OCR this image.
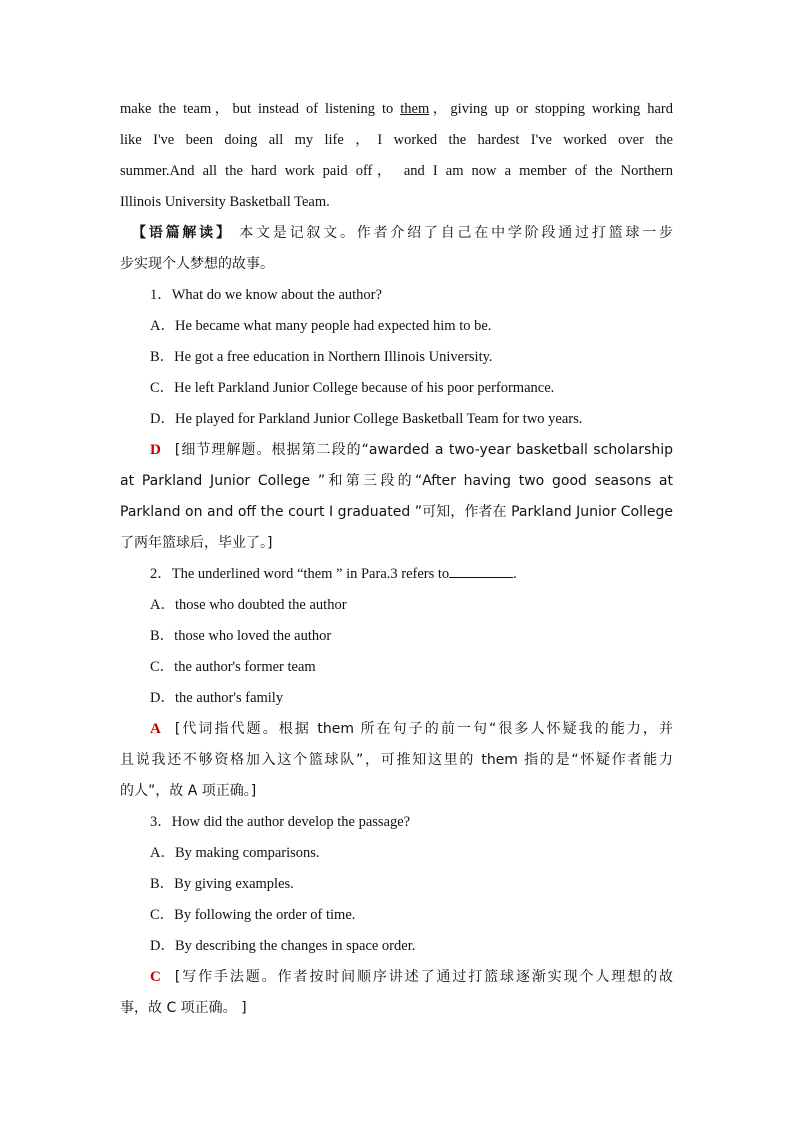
make the team，but instead of listening to them，giving up or stopping working hard
like I've been doing all my life ，I worked the hardest I've worked over the
summer.And all the hard work paid off， and I am now a member of the Northern
Illinois University Basketball Team.
【语篇解读】 本文是记叙文。作者介绍了自己在中学阶段通过打篮球一步
步实现个人梦想的故事。
1．What do we know about the author?
A．He became what many people had expected him to be.
B．He got a free education in Northern Illinois University.
C．He left Parkland Junior College because of his poor performance.
D．He played for Parkland Junior College Basketball Team for two years.
D [细节理解题。根据第二段的“awarded a two-year basketball scholarship
at Parkland Junior College ”和第三段的“After having two good seasons at
Parkland on and off the court I graduated ”可知，作者在 Parkland Junior College
了两年篮球后，毕业了。]
2．The underlined word “them ” in Para.3 refers to	.
A．those who doubted the author
B．those who loved the author
C．the author's former team
D．the author's family
A [代词指代题。根据 them 所在句子的前一句“很多人怀疑我的能力，并
且说我还不够资格加入这个篮球队”，可推知这里的 them 指的是“怀疑作者能力
的人”，故 A 项正确。]
3．How did the author develop the passage?
A．By making comparisons.
B．By giving examples.
C．By following the order of time.
D．By describing the changes in space order.
C [写作手法题。作者按时间顺序讲述了通过打篮球逐渐实现个人理想的故
事，故 C 项正确。 ]
